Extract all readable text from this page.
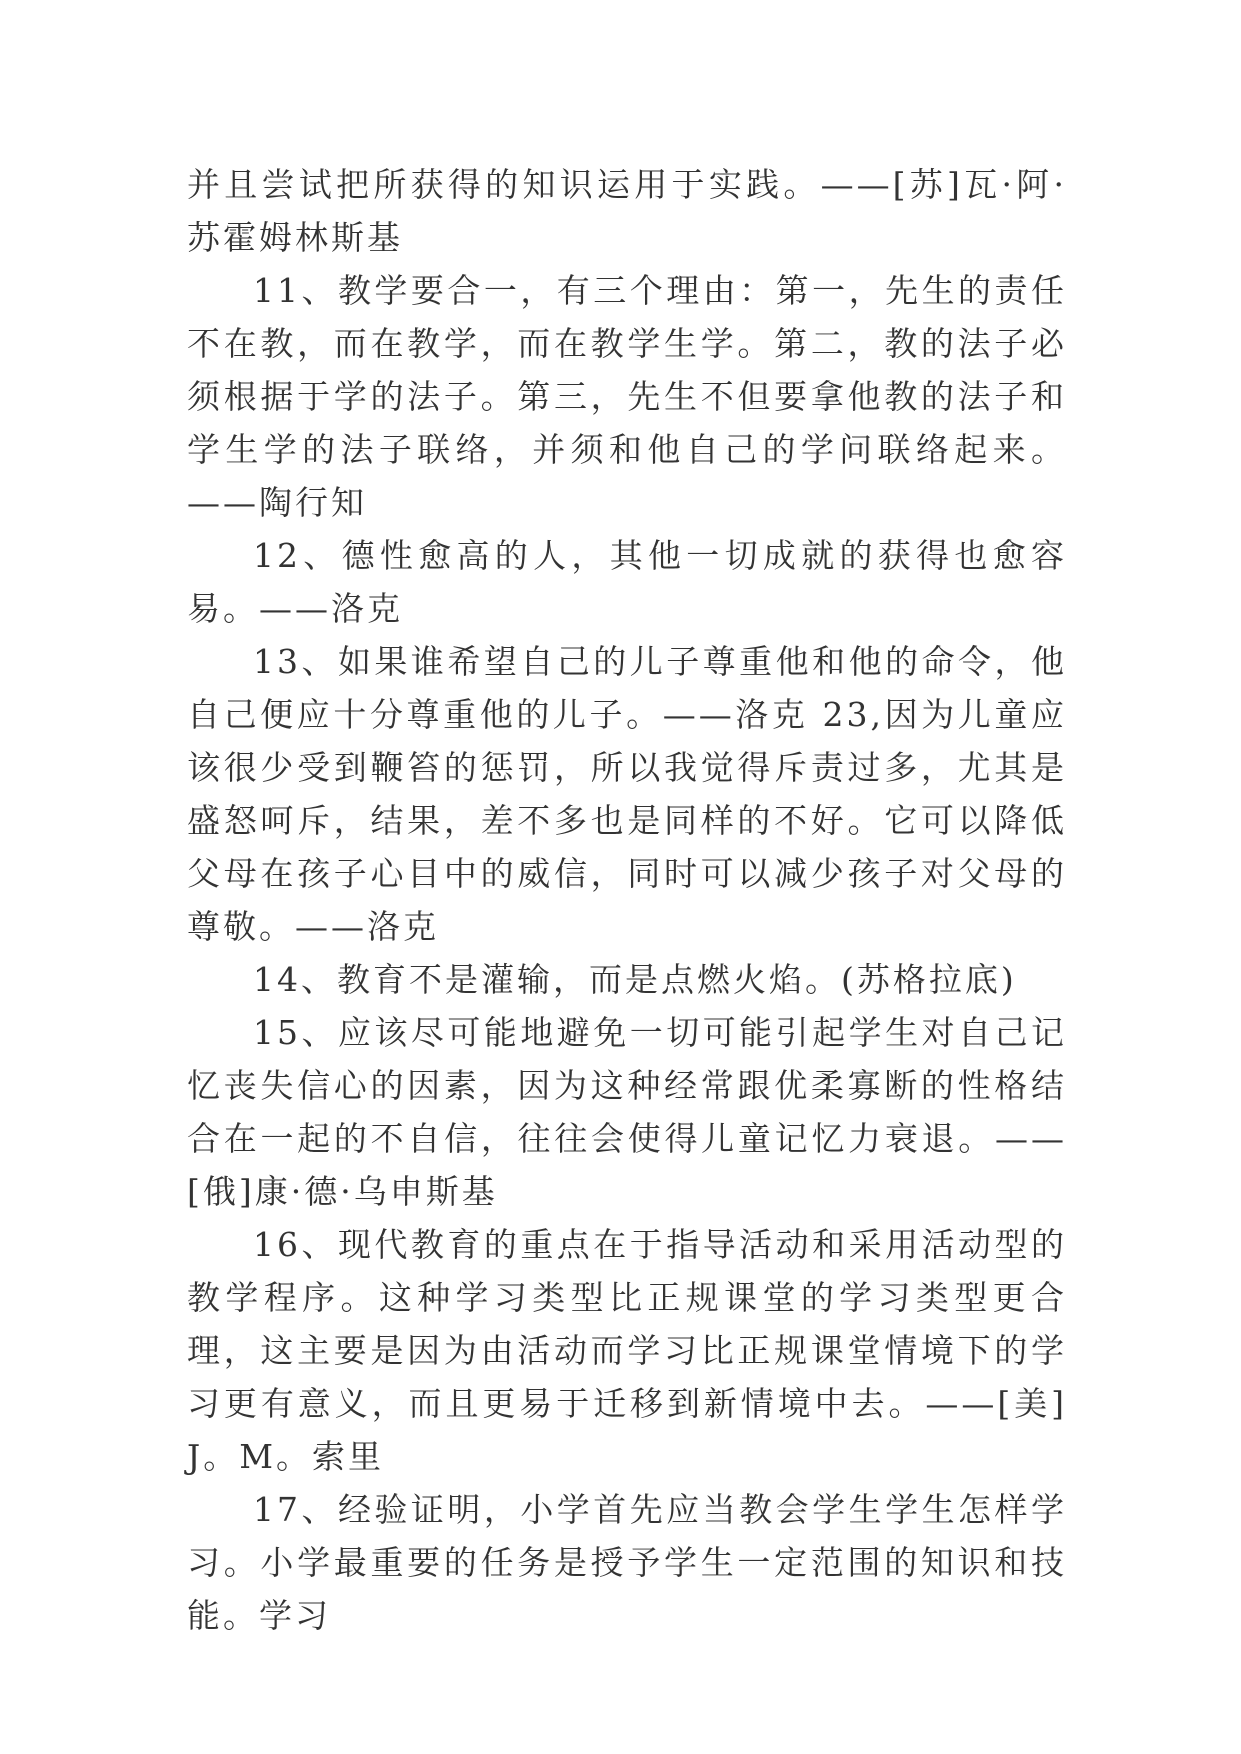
并且尝试把所获得的知识运用于实践。——[苏]瓦·阿·苏霍姆林斯基

11、教学要合一，有三个理由：第一，先生的责任不在教，而在教学，而在教学生学。第二，教的法子必须根据于学的法子。第三，先生不但要拿他教的法子和学生学的法子联络，并须和他自己的学问联络起来。——陶行知

12、德性愈高的人，其他一切成就的获得也愈容易。——洛克

13、如果谁希望自己的儿子尊重他和他的命令，他自己便应十分尊重他的儿子。——洛克 23,因为儿童应该很少受到鞭笞的惩罚，所以我觉得斥责过多，尤其是盛怒呵斥，结果，差不多也是同样的不好。它可以降低父母在孩子心目中的威信，同时可以减少孩子对父母的尊敬。——洛克

14、教育不是灌输，而是点燃火焰。(苏格拉底)

15、应该尽可能地避免一切可能引起学生对自己记忆丧失信心的因素，因为这种经常跟优柔寡断的性格结合在一起的不自信，往往会使得儿童记忆力衰退。——[俄]康·德·乌申斯基

16、现代教育的重点在于指导活动和采用活动型的教学程序。这种学习类型比正规课堂的学习类型更合理，这主要是因为由活动而学习比正规课堂情境下的学习更有意义，而且更易于迁移到新情境中去。——[美]J。M。索里

17、经验证明，小学首先应当教会学生学生怎样学习。小学最重要的任务是授予学生一定范围的知识和技能。学习
